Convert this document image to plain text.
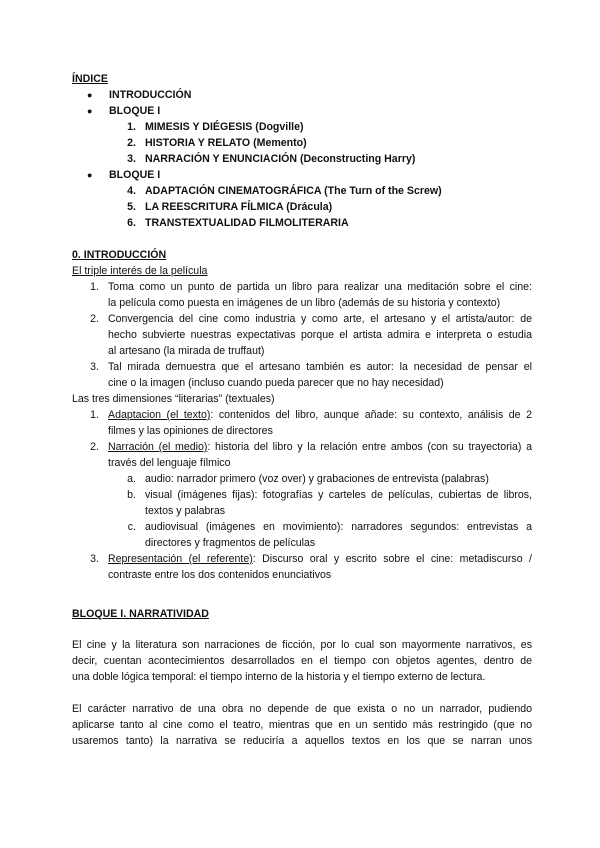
ÍNDICE
● INTRODUCCIÓN
● BLOQUE I
1. MIMESIS Y DIÉGESIS (Dogville)
2. HISTORIA Y RELATO (Memento)
3. NARRACIÓN Y ENUNCIACIÓN (Deconstructing Harry)
● BLOQUE I
4. ADAPTACIÓN CINEMATOGRÁFICA (The Turn of the Screw)
5. LA REESCRITURA FÍLMICA (Drácula)
6. TRANSTEXTUALIDAD FILMOLITERARIA
0. INTRODUCCIÓN
El triple interés de la película
1. Toma como un punto de partida un libro para realizar una meditación sobre el cine:
la película como puesta en imágenes de un libro (además de su historia y contexto)
2. Convergencia del cine como industria y como arte, el artesano y el artista/autor: de
hecho subvierte nuestras expectativas porque el artista admira e interpreta o estudia
al artesano (la mirada de truffaut)
3. Tal mirada demuestra que el artesano también es autor: la necesidad de pensar el
cine o la imagen (incluso cuando pueda parecer que no hay necesidad)
Las tres dimensiones “literarias” (textuales)
1. Adaptacion (el texto): contenidos del libro, aunque añade: su contexto, análisis de 2
filmes y las opiniones de directores
2. Narración (el medio): historia del libro y la relación entre ambos (con su trayectoria) a
través del lenguaje fílmico
a. audio: narrador primero (voz over) y grabaciones de entrevista (palabras)
b. visual (imágenes fijas): fotografías y carteles de películas, cubiertas de libros,
textos y palabras
c. audiovisual (imágenes en movimiento): narradores segundos: entrevistas a
directores y fragmentos de películas
3. Representación (el referente): Discurso oral y escrito sobre el cine: metadiscurso /
contraste entre los dos contenidos enunciativos
BLOQUE I. NARRATIVIDAD
El cine y la literatura son narraciones de ficción, por lo cual son mayormente narrativos, es
decir, cuentan acontecimientos desarrollados en el tiempo con objetos agentes, dentro de
una doble lógica temporal: el tiempo interno de la historia y el tiempo externo de lectura.
El carácter narrativo de una obra no depende de que exista o no un narrador, pudiendo
aplicarse tanto al cine como el teatro, mientras que en un sentido más restringido (que no
usaremos tanto) la narrativa se reduciría a aquellos textos en los que se narran unos
